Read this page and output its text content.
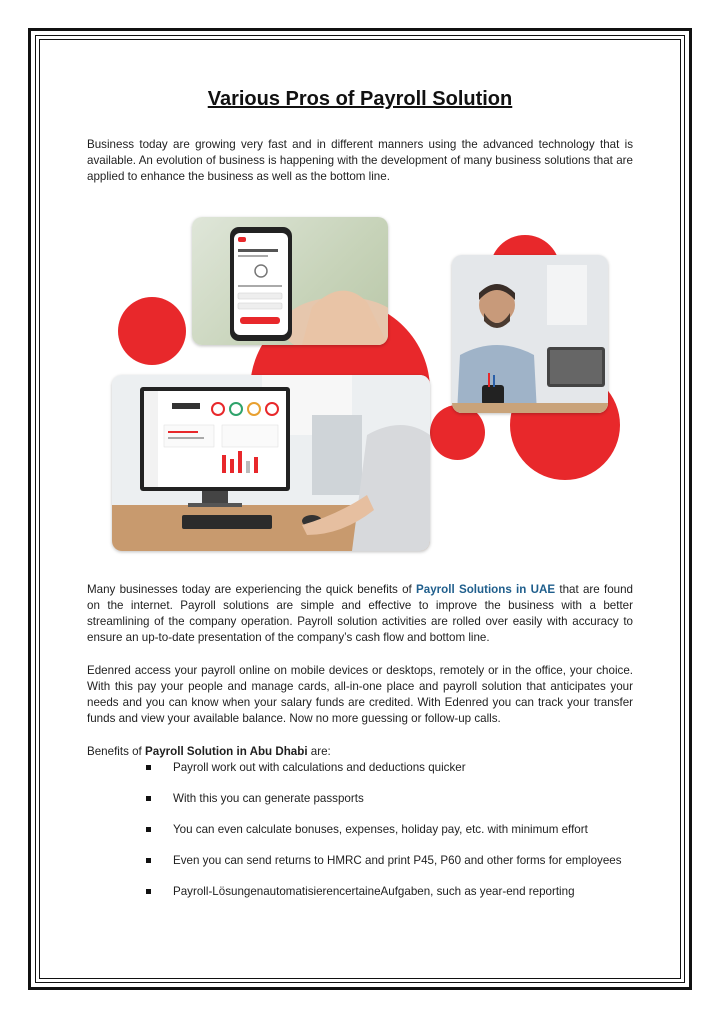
Various Pros of Payroll Solution
Business today are growing very fast and in different manners using the advanced technology that is available. An evolution of business is happening with the development of many business solutions that are applied to enhance the business as well as the bottom line.
Many businesses today are experiencing the quick benefits of Payroll Solutions in UAE that are found on the internet. Payroll solutions are simple and effective to improve the business with a better streamlining of the company operation. Payroll solution activities are rolled over easily with accuracy to ensure an up-to-date presentation of the company’s cash flow and bottom line.
Edenred access your payroll online on mobile devices or desktops, remotely or in the office, your choice. With this pay your people and manage cards, all-in-one place and payroll solution that anticipates your needs and you can know when your salary funds are credited. With Edenred you can track your transfer funds and view your available balance. Now no more guessing or follow-up calls.
Benefits of Payroll Solution in Abu Dhabi are:
Payroll work out with calculations and deductions quicker
With this you can generate passports
You can even calculate bonuses, expenses, holiday pay, etc. with minimum effort
Even you can send returns to HMRC and print P45, P60 and other forms for employees
Payroll-LösungenautomatisierencertaineAufgaben, such as year-end reporting
